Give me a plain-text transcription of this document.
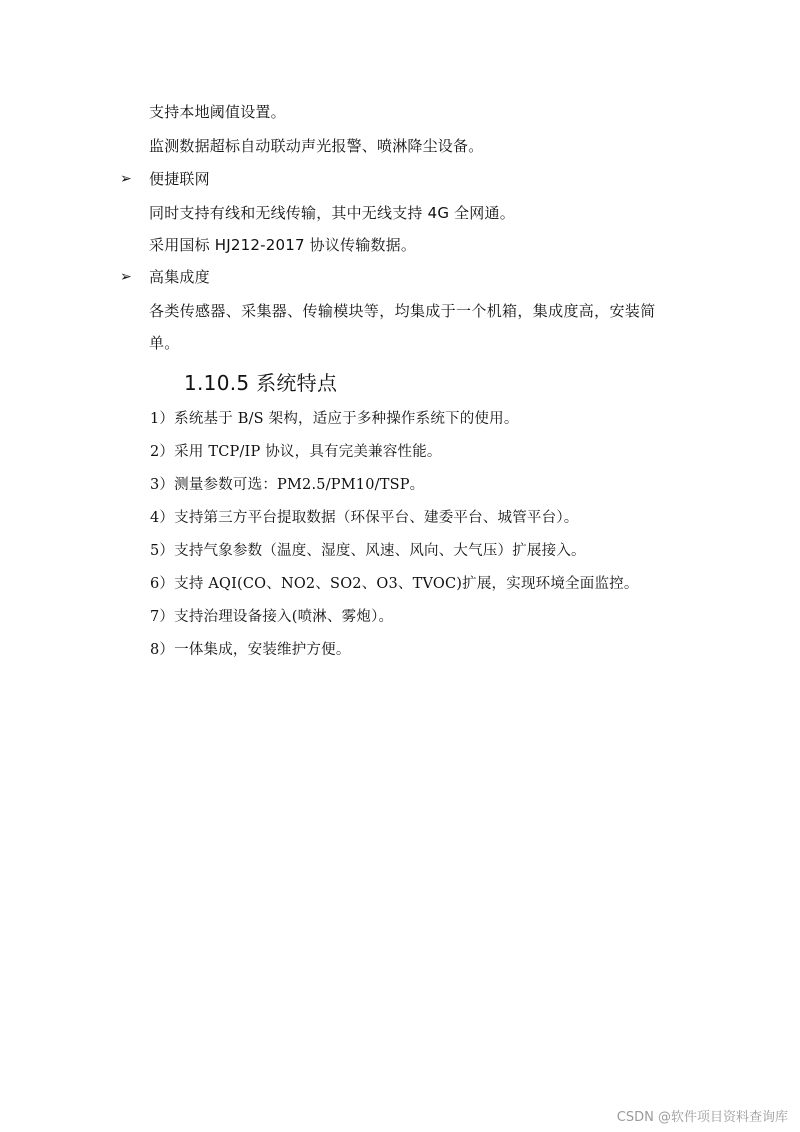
支持本地阈值设置。
监测数据超标自动联动声光报警、喷淋降尘设备。
➢ 便捷联网
同时支持有线和无线传输，其中无线支持 4G 全网通。
采用国标 HJ212-2017 协议传输数据。
➢ 高集成度
各类传感器、采集器、传输模块等，均集成于一个机箱，集成度高，安装简
单。
1.10.5 系统特点
1）系统基于 B/S 架构，适应于多种操作系统下的使用。
2）采用 TCP/IP 协议，具有完美兼容性能。
3）测量参数可选：PM2.5/PM10/TSP。
4）支持第三方平台提取数据（环保平台、建委平台、城管平台）。
5）支持气象参数（温度、湿度、风速、风向、大气压）扩展接入。
6）支持 AQI(CO、NO2、SO2、O3、TVOC)扩展，实现环境全面监控。
7）支持治理设备接入(喷淋、雾炮）。
8）一体集成，安装维护方便。
CSDN @软件项目资料查询库
